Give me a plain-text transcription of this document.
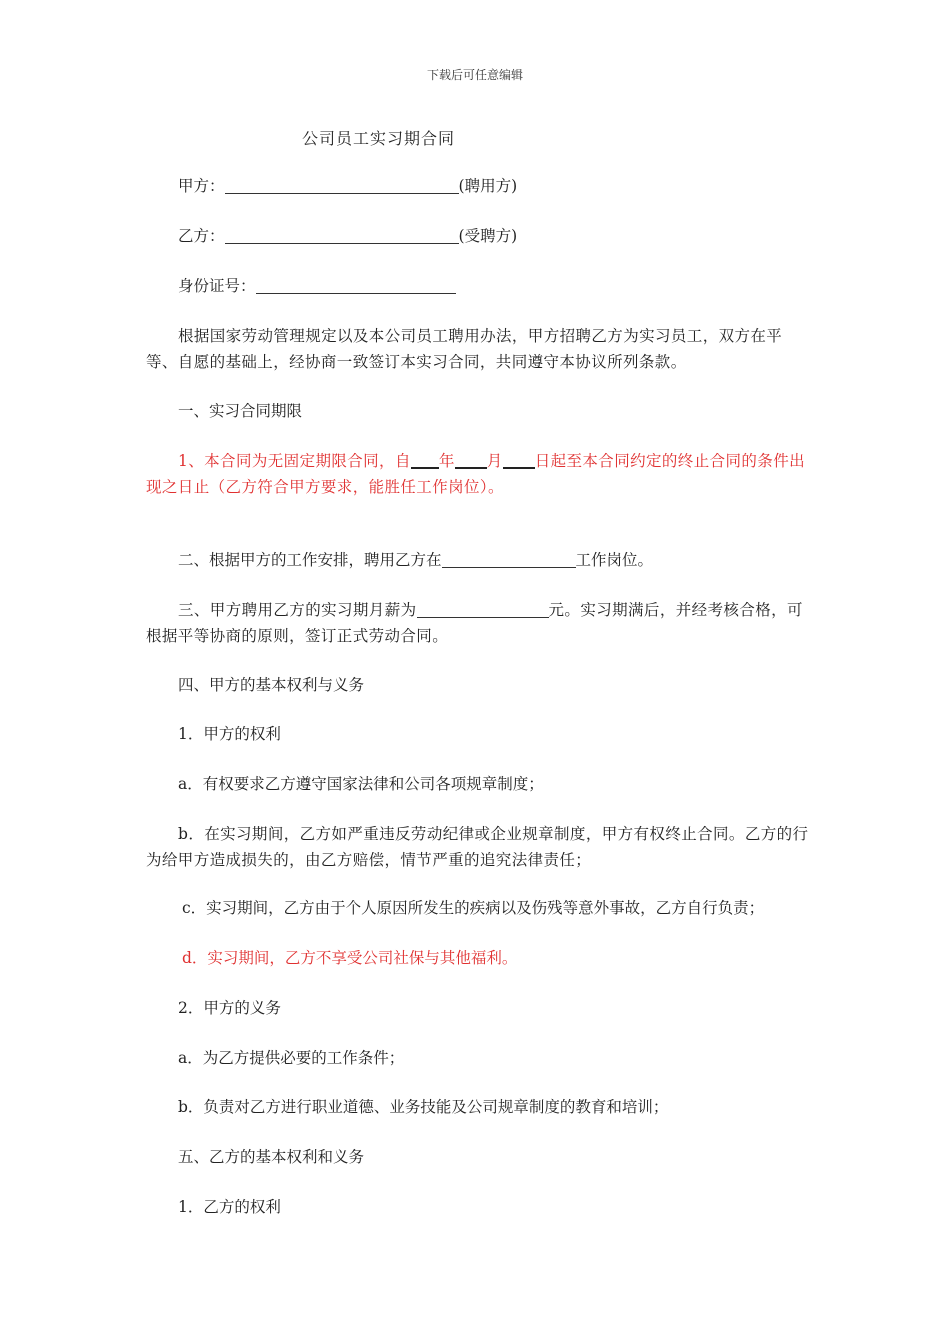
下载后可任意编辑
公司员工实习期合同
甲方：	(聘用方)
乙方：	(受聘方)
身份证号：
根据国家劳动管理规定以及本公司员工聘用办法，甲方招聘乙方为实习员工，双方在平等、自愿的基础上，经协商一致签订本实习合同，共同遵守本协议所列条款。
一、实习合同期限
1、本合同为无固定期限合同，自 年 月 日起至本合同约定的终止合同的条件出现之日止（乙方符合甲方要求，能胜任工作岗位）。
二、根据甲方的工作安排，聘用乙方在	工作岗位。
三、甲方聘用乙方的实习期月薪为	元。实习期满后，并经考核合格，可根据平等协商的原则，签订正式劳动合同。
四、甲方的基本权利与义务
1．甲方的权利
a．有权要求乙方遵守国家法律和公司各项规章制度；
b．在实习期间，乙方如严重违反劳动纪律或企业规章制度，甲方有权终止合同。乙方的行为给甲方造成损失的，由乙方赔偿，情节严重的追究法律责任；
c．实习期间，乙方由于个人原因所发生的疾病以及伤残等意外事故，乙方自行负责；
d．实习期间，乙方不享受公司社保与其他福利。
2．甲方的义务
a．为乙方提供必要的工作条件；
b．负责对乙方进行职业道德、业务技能及公司规章制度的教育和培训；
五、乙方的基本权利和义务
1．乙方的权利
